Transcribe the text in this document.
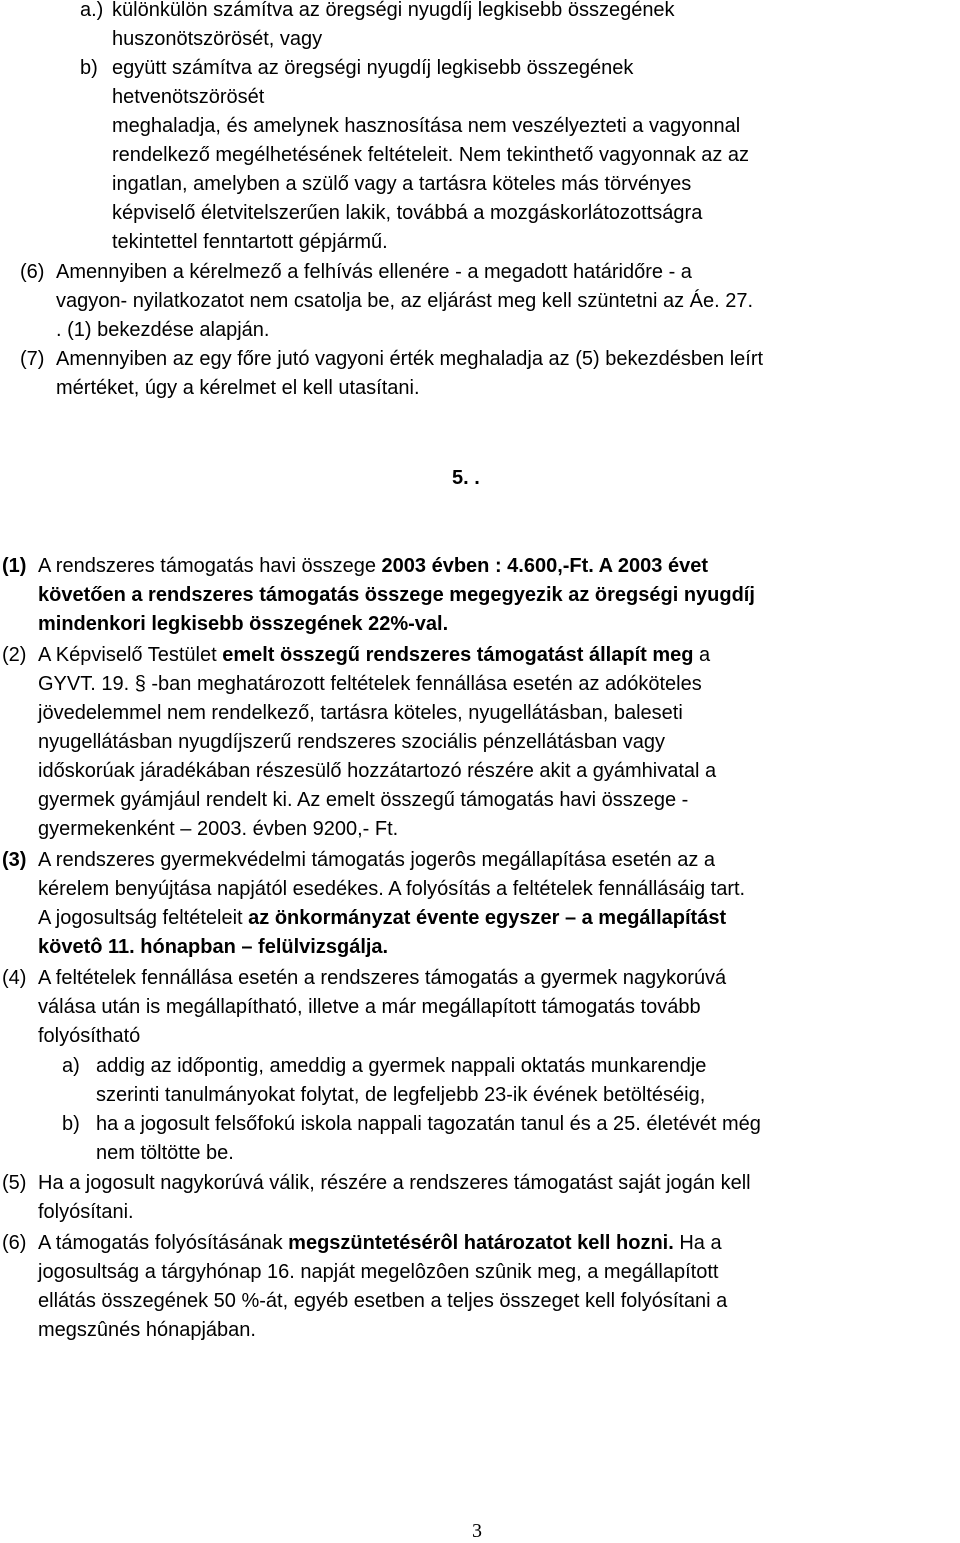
a.) különkülön számítva az öregségi nyugdíj legkisebb összegének
huszonötszörösét, vagy
b) együtt számítva az öregségi nyugdíj legkisebb összegének
hetvenötszörösét
meghaladja, és amelynek hasznosítása nem veszélyezteti a vagyonnal
rendelkező megélhetésének feltételeit. Nem tekinthető vagyonnak az az
ingatlan, amelyben a szülő vagy a tartásra köteles más törvényes
képviselő életvitelszerűen lakik, továbbá a mozgáskorlátozottságra
tekintettel fenntartott gépjármű.
(6) Amennyiben a kérelmező a felhívás ellenére - a megadott határidőre - a
vagyon- nyilatkozatot nem csatolja be, az eljárást meg kell szüntetni az Áe. 27.
. (1) bekezdése alapján.
(7) Amennyiben az egy főre jutó vagyoni érték meghaladja az (5) bekezdésben leírt
mértéket, úgy a kérelmet el kell utasítani.
5. .
(1) A rendszeres támogatás havi összege 2003 évben : 4.600,-Ft. A 2003 évet
követően a rendszeres támogatás összege megegyezik az öregségi nyugdíj
mindenkori legkisebb összegének 22%-val.
(2) A Képviselő Testület emelt összegű rendszeres támogatást állapít meg a
GYVT. 19. § -ban meghatározott feltételek fennállása esetén az adóköteles
jövedelemmel nem rendelkező, tartásra köteles, nyugellátásban, baleseti
nyugellátásban nyugdíjszerű rendszeres szociális pénzellátásban vagy
időskorúak járadékában részesülő hozzátartozó részére akit a gyámhivatal a
gyermek gyámjául rendelt ki. Az emelt összegű támogatás havi összege -
gyermekenként – 2003. évben 9200,- Ft.
(3) A rendszeres gyermekvédelmi támogatás jogerôs megállapítása esetén az a
kérelem benyújtása napjától esedékes. A folyósítás a feltételek fennállásáig tart.
A jogosultság feltételeit az önkormányzat évente egyszer – a megállapítást
követô 11. hónapban – felülvizsgálja.
(4) A feltételek fennállása esetén a rendszeres támogatás a gyermek nagykorúvá
válása után is megállapítható, illetve a már megállapított támogatás tovább
folyósítható
a) addig az időpontig, ameddig a gyermek nappali oktatás munkarendje
szerinti tanulmányokat folytat, de legfeljebb 23-ik évének betöltéséig,
b) ha a jogosult felsőfokú iskola nappali tagozatán tanul és a 25. életévét még
nem töltötte be.
(5) Ha a jogosult nagykorúvá válik, részére a rendszeres támogatást saját jogán kell
folyósítani.
(6) A támogatás folyósításának megszüntetésérôl határozatot kell hozni. Ha a
jogosultság a tárgyhónap 16. napját megelôzôen szûnik meg, a megállapított
ellátás összegének 50 %-át, egyéb esetben a teljes összeget kell folyósítani a
megszûnés hónapjában.
3
